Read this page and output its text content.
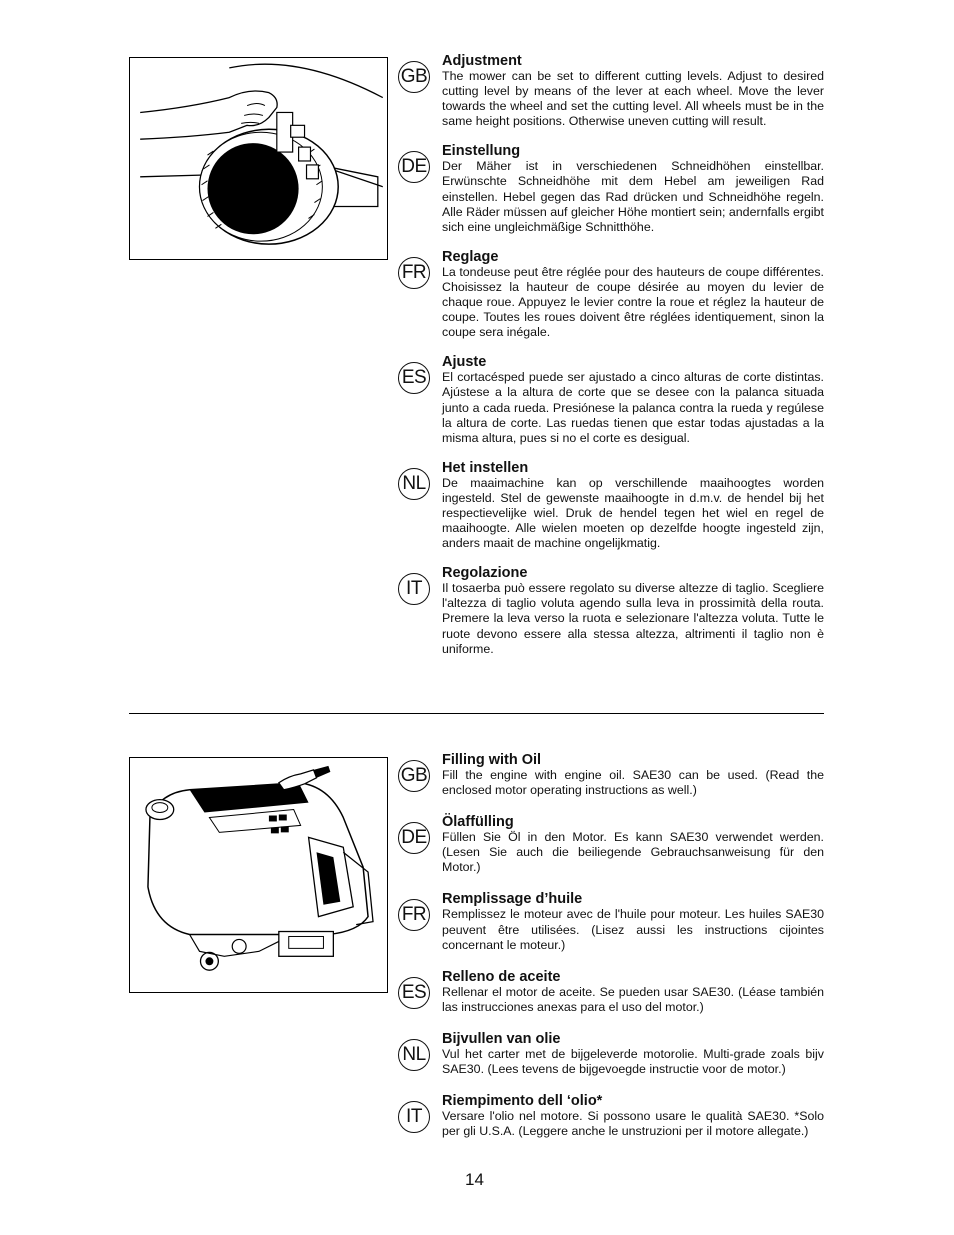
GB

Adjustment

The mower can be set to different cutting levels. Adjust to desired cutting level by means of the lever at each wheel. Move the lever towards the wheel and set the cutting level. All wheels must be in the same height positions. Otherwise uneven cutting will result.

DE

Einstellung

Der Mäher ist in verschiedenen Schneidhöhen einstellbar. Erwünschte Schneidhöhe mit dem Hebel am jeweiligen Rad einstellen. Hebel gegen das Rad drücken und Schneidhöhe regeln. Alle Räder müssen auf gleicher Höhe montiert sein; andernfalls ergibt sich eine ungleichmäßige Schnitthöhe.

FR

Reglage

La tondeuse peut être réglée pour des hauteurs de coupe différentes. Choisissez la hauteur de coupe désirée au moyen du levier de chaque roue. Appuyez le levier contre la roue et réglez la hauteur de coupe. Toutes les roues doivent être réglées identiquement, sinon la coupe sera inégale.

ES

Ajuste

El cortacésped puede ser ajustado a cinco alturas de corte distintas. Ajústese a la altura de corte que se desee con la palanca situada junto a cada rueda. Presiónese la palanca contra la rueda y regúlese la altura de corte. Las ruedas tienen que estar todas ajustadas a la misma altura, pues si no el corte es desigual.

NL

Het instellen

De maaimachine kan op verschillende maaihoogtes worden ingesteld. Stel de gewenste maaihoogte in d.m.v. de hendel bij het respectievelijke wiel. Druk de hendel tegen het wiel en regel de maaihoogte. Alle wielen moeten op dezelfde hoogte ingesteld zijn, anders maait de machine ongelijkmatig.

IT

Regolazione

Il tosaerba può essere regolato su diverse altezze di taglio. Scegliere l'altezza di taglio voluta agendo sulla leva in prossimità della routa. Premere la leva verso la ruota e selezionare l'altezza voluta. Tutte le ruote devono essere alla stessa altezza, altrimenti il taglio non è uniforme.

GB

Filling with Oil

Fill the engine with engine oil. SAE30 can be used. (Read the enclosed motor operating instructions as well.)

DE

Ölaffülling

Füllen Sie Öl in den Motor. Es kann SAE30 verwendet werden. (Lesen Sie auch die beiliegende Gebrauchsanweisung für den Motor.)

FR

Remplissage d’huile

Remplissez le moteur avec de l'huile pour moteur. Les huiles SAE30 peuvent être utilisées. (Lisez aussi les instructions cijointes concernant le moteur.)

ES

Relleno de aceite

Rellenar el motor de aceite. Se pueden usar SAE30. (Léase también las instrucciones anexas para el uso del motor.)

NL

Bijvullen van olie

Vul het carter met de bijgeleverde motorolie. Multi-grade zoals bijv SAE30. (Lees tevens de bijgevoegde instructie voor de motor.)

IT

Riempimento dell ‘olio*

Versare l'olio nel motore. Si possono usare le qualità SAE30. *Solo per gli U.S.A. (Leggere anche le unstruzioni per il motore allegate.)

14
